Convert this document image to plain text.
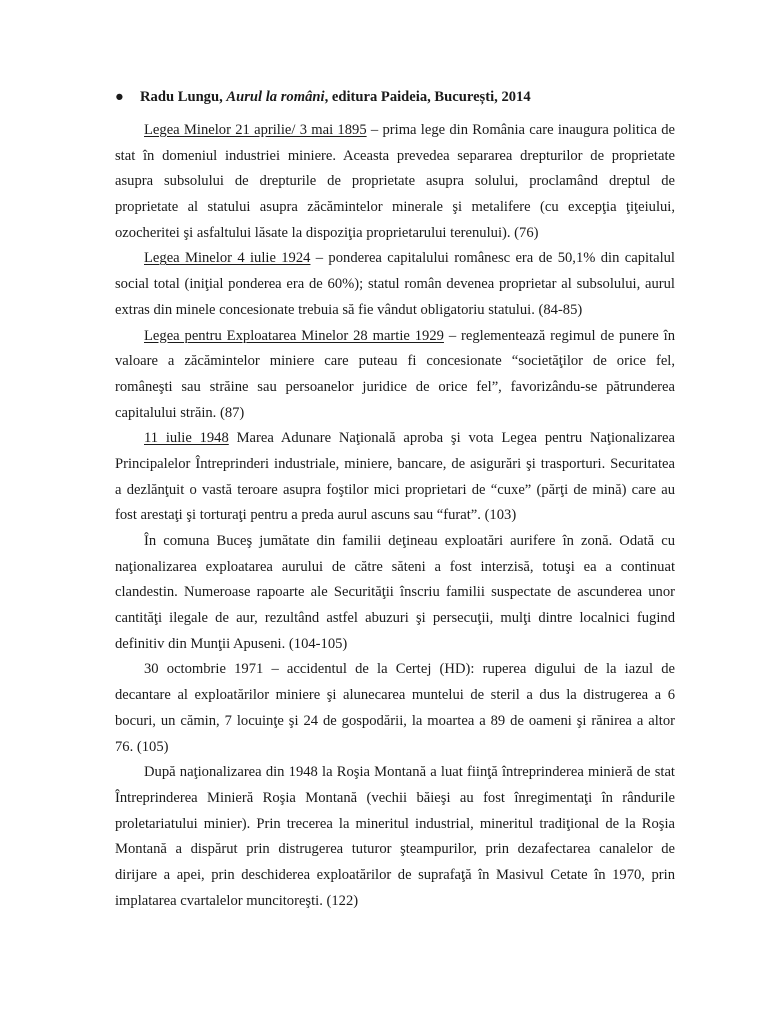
● Radu Lungu, Aurul la români, editura Paideia, București, 2014
Legea Minelor 21 aprilie/ 3 mai 1895 – prima lege din România care inaugura politica de
stat în domeniul industriei miniere. Aceasta prevedea separarea drepturilor de proprietate
asupra subsolului de drepturile de proprietate asupra solului, proclamând dreptul de
proprietate al statului asupra zăcămintelor minerale şi metalifere (cu excepţia ţiţeiului,
ozocheritei şi asfaltului lăsate la dispoziţia proprietarului terenului). (76)
Legea Minelor 4 iulie 1924 – ponderea capitalului românesc era de 50,1% din capitalul
social total (iniţial ponderea era de 60%); statul român devenea proprietar al subsolului, aurul
extras din minele concesionate trebuia să fie vândut obligatoriu statului. (84-85)
Legea pentru Exploatarea Minelor 28 martie 1929 – reglementează regimul de punere în
valoare a zăcămintelor miniere care puteau fi concesionate “societăţilor de orice fel,
româneşti sau străine sau persoanelor juridice de orice fel”, favorizându-se pătrunderea
capitalului străin. (87)
11 iulie 1948 Marea Adunare Naţională aproba şi vota Legea pentru Naţionalizarea
Principalelor Întreprinderi industriale, miniere, bancare, de asigurări şi trasporturi. Securitatea
a dezlănţuit o vastă teroare asupra foştilor mici proprietari de “cuxe” (părţi de mină) care au
fost arestaţi şi torturaţi pentru a preda aurul ascuns sau “furat”. (103)
În comuna Buceş jumătate din familii deţineau exploatări aurifere în zonă. Odată cu
naţionalizarea exploatarea aurului de către săteni a fost interzisă, totuşi ea a continuat
clandestin. Numeroase rapoarte ale Securităţii înscriu familii suspectate de ascunderea unor
cantităţi ilegale de aur, rezultând astfel abuzuri şi persecuţii, mulţi dintre localnici fugind
definitiv din Munţii Apuseni. (104-105)
30 octombrie 1971 – accidentul de la Certej (HD): ruperea digului de la iazul de
decantare al exploatărilor miniere şi alunecarea muntelui de steril a dus la distrugerea a 6
bocuri, un cămin, 7 locuinţe şi 24 de gospodării, la moartea a 89 de oameni şi rănirea a altor
76. (105)
După naţionalizarea din 1948 la Roşia Montană a luat fiinţă întreprinderea minieră de stat
Întreprinderea Minieră Roşia Montană (vechii băieşi au fost înregimentaţi în rândurile
proletariatului minier). Prin trecerea la mineritul industrial, mineritul tradiţional de la Roşia
Montană a dispărut prin distrugerea tuturor şteampurilor, prin dezafectarea canalelor de
dirijare a apei, prin deschiderea exploatărilor de suprafaţă în Masivul Cetate în 1970, prin
implatarea cvartalelor muncitoreşti. (122)
